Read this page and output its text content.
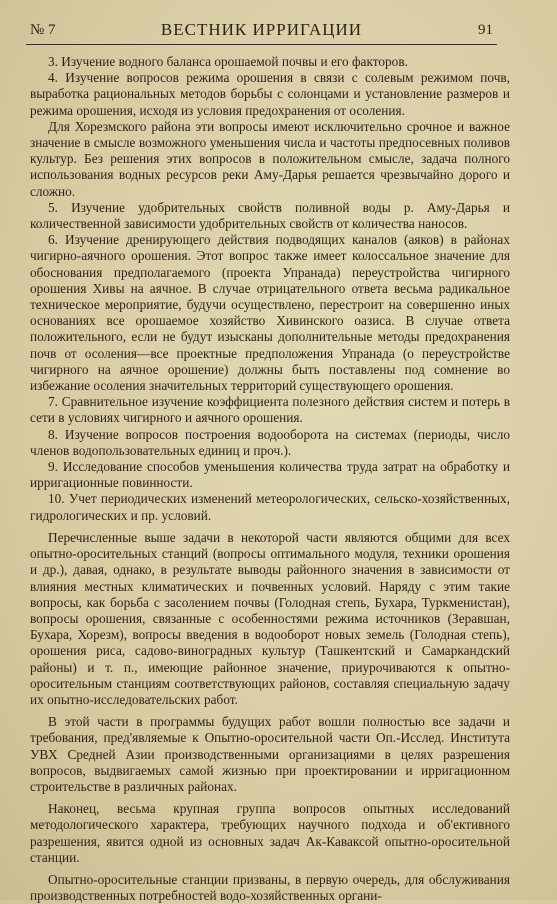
№ 7	ВЕСТНИК ИРРИГАЦИИ	91

3. Изучение водного баланса орошаемой почвы и его факторов.

4. Изучение вопросов режима орошения в связи с солевым режимом почв, выработка рациональных методов борьбы с солонцами и установление размеров и режима орошения, исходя из условия предохранения от осоления.

Для Хорезмского района эти вопросы имеют исключительно срочное и важное значение в смысле возможного уменьшения числа и частоты предпосевных поливов культур. Без решения этих вопросов в положительном смысле, задача полного использования водных ресурсов реки Аму-Дарья решается чрезвычайно дорого и сложно.

5. Изучение удобрительных свойств поливной воды р. Аму-Дарья и количественной зависимости удобрительных свойств от количества наносов.

6. Изучение дренирующего действия подводящих каналов (аяков) в районах чигирно-аячного орошения. Этот вопрос также имеет колоссальное значение для обоснования предполагаемого (проекта Упранада) переустройства чигирного орошения Хивы на аячное. В случае отрицательного ответа весьма радикальное техническое мероприятие, будучи осуществлено, перестроит на совершенно иных основаниях все орошаемое хозяйство Хивинского оазиса. В случае ответа положительного, если не будут изысканы дополнительные методы предохранения почв от осоления—все проектные предположения Упранада (о переустройстве чигирного на аячное орошение) должны быть поставлены под сомнение во избежание осоления значительных территорий существующего орошения.

7. Сравнительное изучение коэффициента полезного действия систем и потерь в сети в условиях чигирного и аячного орошения.

8. Изучение вопросов построения водооборота на системах (периоды, число членов водопользовательных единиц и проч.).

9. Исследование способов уменьшения количества труда затрат на обработку и ирригационные повинности.

10. Учет периодических изменений метеорологических, сельско-хозяйственных, гидрологических и пр. условий.

Перечисленные выше задачи в некоторой части являются общими для всех опытно-оросительных станций (вопросы оптимального модуля, техники орошения и др.), давая, однако, в результате выводы районного значения в зависимости от влияния местных климатических и почвенных условий. Наряду с этим такие вопросы, как борьба с засолением почвы (Голодная степь, Бухара, Туркменистан), вопросы орошения, связанные с особенностями режима источников (Зеравшан, Бухара, Хорезм), вопросы введения в водооборот новых земель (Голодная степь), орошения риса, садово-виноградных культур (Ташкентский и Самаркандский районы) и т. п., имеющие районное значение, приурочиваются к опытно-оросительным станциям соответствующих районов, составляя специальную задачу их опытно-исследовательских работ.

В этой части в программы будущих работ вошли полностью все задачи и требования, пред'являемые к Опытно-оросительной части Оп.-Исслед. Института УВХ Средней Азии производственными организациями в целях разрешения вопросов, выдвигаемых самой жизнью при проектировании и ирригационном строительстве в различных районах.

Наконец, весьма крупная группа вопросов опытных исследований методологического характера, требующих научного подхода и об'ективного разрешения, явится одной из основных задач Ак-Каваксой опытно-оросительной станции.

Опытно-оросительные станции призваны, в первую очередь, для обслуживания производственных потребностей водо-хозяйственных органи-
